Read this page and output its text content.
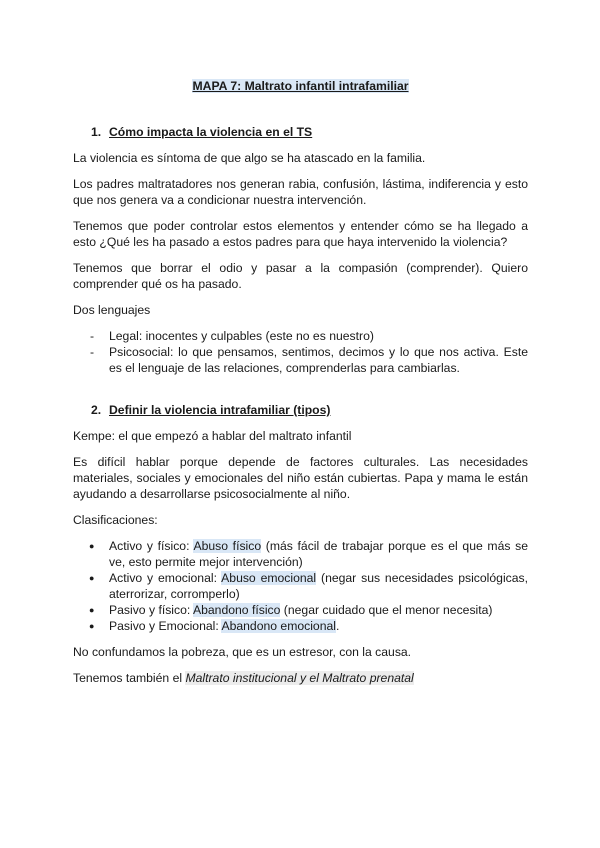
MAPA 7: Maltrato infantil intrafamiliar
1. Cómo impacta la violencia en el TS

La violencia es síntoma de que algo se ha atascado en la familia.

Los padres maltratadores nos generan rabia, confusión, lástima, indiferencia y esto que nos genera va a condicionar nuestra intervención.

Tenemos que poder controlar estos elementos y entender cómo se ha llegado a esto ¿Qué les ha pasado a estos padres para que haya intervenido la violencia?

Tenemos que borrar el odio y pasar a la compasión (comprender). Quiero comprender qué os ha pasado.

Dos lenguajes

- Legal: inocentes y culpables (este no es nuestro)
- Psicosocial: lo que pensamos, sentimos, decimos y lo que nos activa. Este es el lenguaje de las relaciones, comprenderlas para cambiarlas.
2. Definir la violencia intrafamiliar (tipos)

Kempe: el que empezó a hablar del maltrato infantil

Es difícil hablar porque depende de factores culturales. Las necesidades materiales, sociales y emocionales del niño están cubiertas. Papa y mama le están ayudando a desarrollarse psicosocialmente al niño.

Clasificaciones:

● Activo y físico: Abuso físico (más fácil de trabajar porque es el que más se ve, esto permite mejor intervención)
● Activo y emocional: Abuso emocional (negar sus necesidades psicológicas, aterrorizar, corromperlo)
● Pasivo y físico: Abandono físico (negar cuidado que el menor necesita)
● Pasivo y Emocional: Abandono emocional.

No confundamos la pobreza, que es un estresor, con la causa.

Tenemos también el Maltrato institucional y el Maltrato prenatal
